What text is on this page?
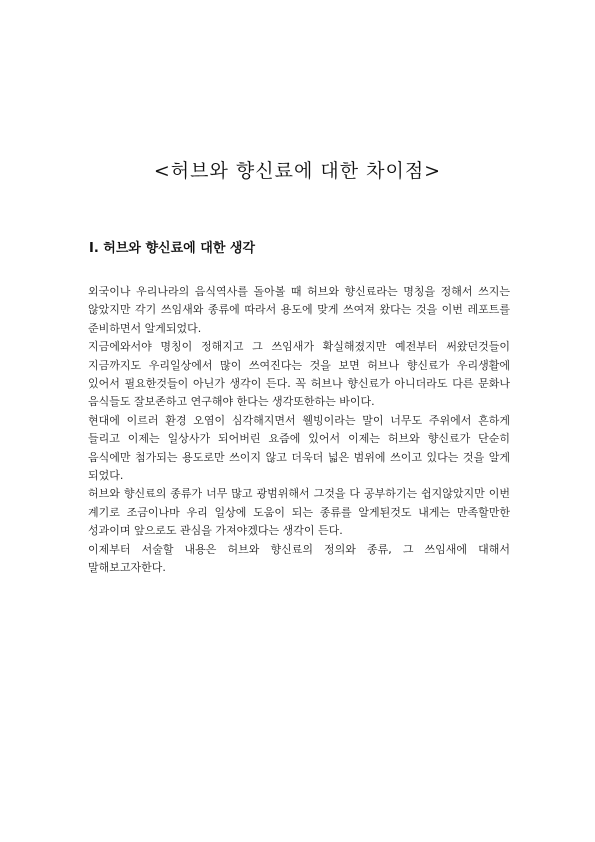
<허브와 향신료에 대한 차이점>
Ⅰ. 허브와 향신료에 대한 생각

외국이나 우리나라의 음식역사를 돌아볼 때 허브와 향신료라는 명칭을 정해서 쓰지는 않았지만 각기 쓰임새와 종류에 따라서 용도에 맞게 쓰여져 왔다는 것을 이번 레포트를 준비하면서 알게되었다.

지금에와서야 명칭이 정해지고 그 쓰임새가 확실해졌지만 예전부터 써왔던것들이 지금까지도 우리일상에서 많이 쓰여진다는 것을 보면 허브나 향신료가 우리생활에 있어서 필요한것들이 아닌가 생각이 든다. 꼭 허브나 향신료가 아니더라도 다른 문화나 음식들도 잘보존하고 연구해야 한다는 생각또한하는 바이다.

현대에 이르러 환경 오염이 심각해지면서 웰빙이라는 말이 너무도 주위에서 흔하게 들리고 이제는 일상사가 되어버린 요즘에 있어서 이제는 허브와 향신료가 단순히 음식에만 첨가되는 용도로만 쓰이지 않고 더욱더 넓은 범위에 쓰이고 있다는 것을 알게 되었다.

허브와 향신료의 종류가 너무 많고 광범위해서 그것을 다 공부하기는 쉽지않았지만 이번 계기로 조금이나마 우리 일상에 도움이 되는 종류를 알게된것도 내게는 만족할만한 성과이며 앞으로도 관심을 가져야겠다는 생각이 든다.

이제부터 서술할 내용은 허브와 향신료의 정의와 종류, 그 쓰임새에 대해서 말해보고자한다.
